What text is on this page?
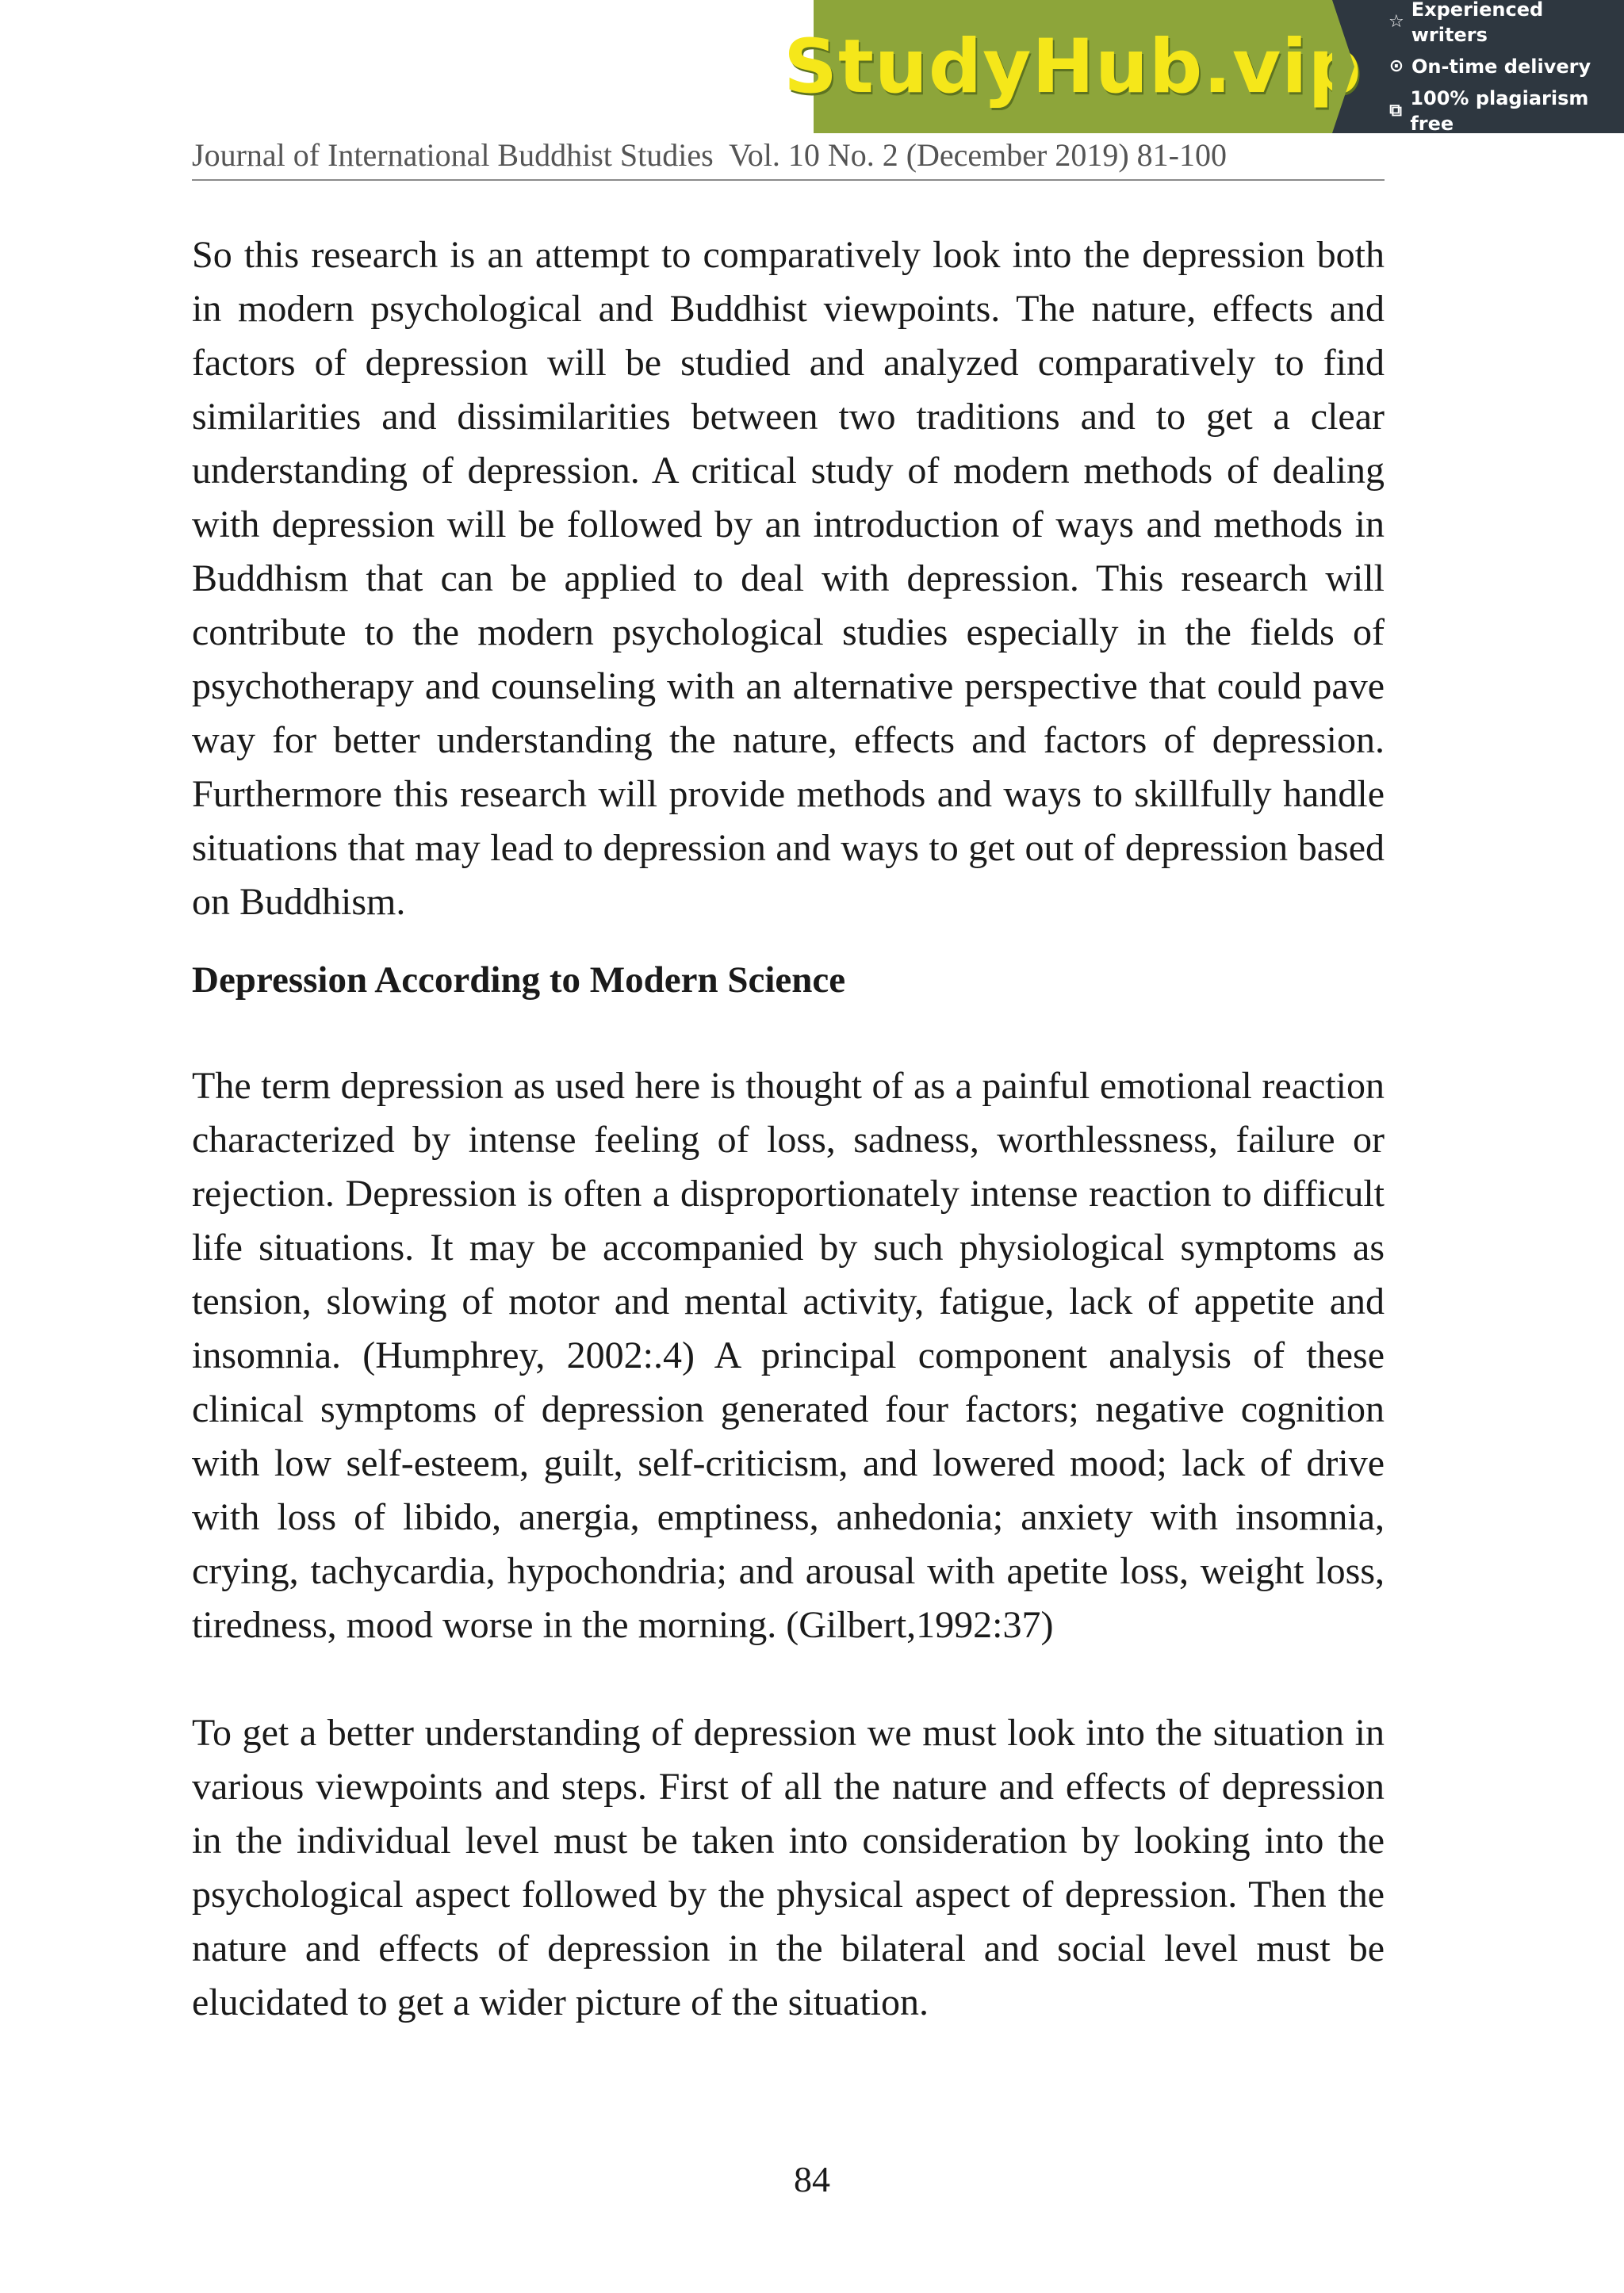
StudyHub.vip
☆
Experienced writers
⊙ On-time delivery
⧉
100% plagiarism free
Journal of International Buddhist Studies  Vol. 10 No. 2 (December 2019) 81-100

So this research is an attempt to comparatively look into the depression both in modern psychological and Buddhist viewpoints. The nature, effects and factors of depression will be studied and analyzed comparatively to find similarities and dissimilarities between two traditions and to get a clear understanding of depression. A critical study of modern methods of dealing with depression will be followed by an introduction of ways and methods in Buddhism that can be applied to deal with depression. This research will contribute to the modern psychological studies especially in the fields of psychotherapy and counseling with an alternative perspective that could pave way for better understanding the nature, effects and factors of depression. Furthermore this research will provide methods and ways to skillfully handle situations that may lead to depression and ways to get out of depression based on Buddhism.

Depression According to Modern Science

The term depression as used here is thought of as a painful emotional reaction characterized by intense feeling of loss, sadness, worthlessness, failure or rejection. Depression is often a disproportionately intense reaction to difficult life situations. It may be accompanied by such physiological symptoms as tension, slowing of motor and mental activity, fatigue, lack of appetite and insomnia. (Humphrey, 2002:.4) A principal component analysis of these clinical symptoms of depression generated four factors; negative cognition with low self-esteem, guilt, self-criticism, and lowered mood; lack of drive with loss of libido, anergia, emptiness, anhedonia; anxiety with insomnia, crying, tachycardia, hypochondria; and arousal with apetite loss, weight loss, tiredness, mood worse in the morning. (Gilbert,1992:37)

To get a better understanding of depression we must look into the situation in various viewpoints and steps. First of all the nature and effects of depression in the individual level must be taken into consideration by looking into the psychological aspect followed by the physical aspect of depression. Then the nature and effects of depression in the bilateral and social level must be elucidated to get a wider picture of the situation.

84
